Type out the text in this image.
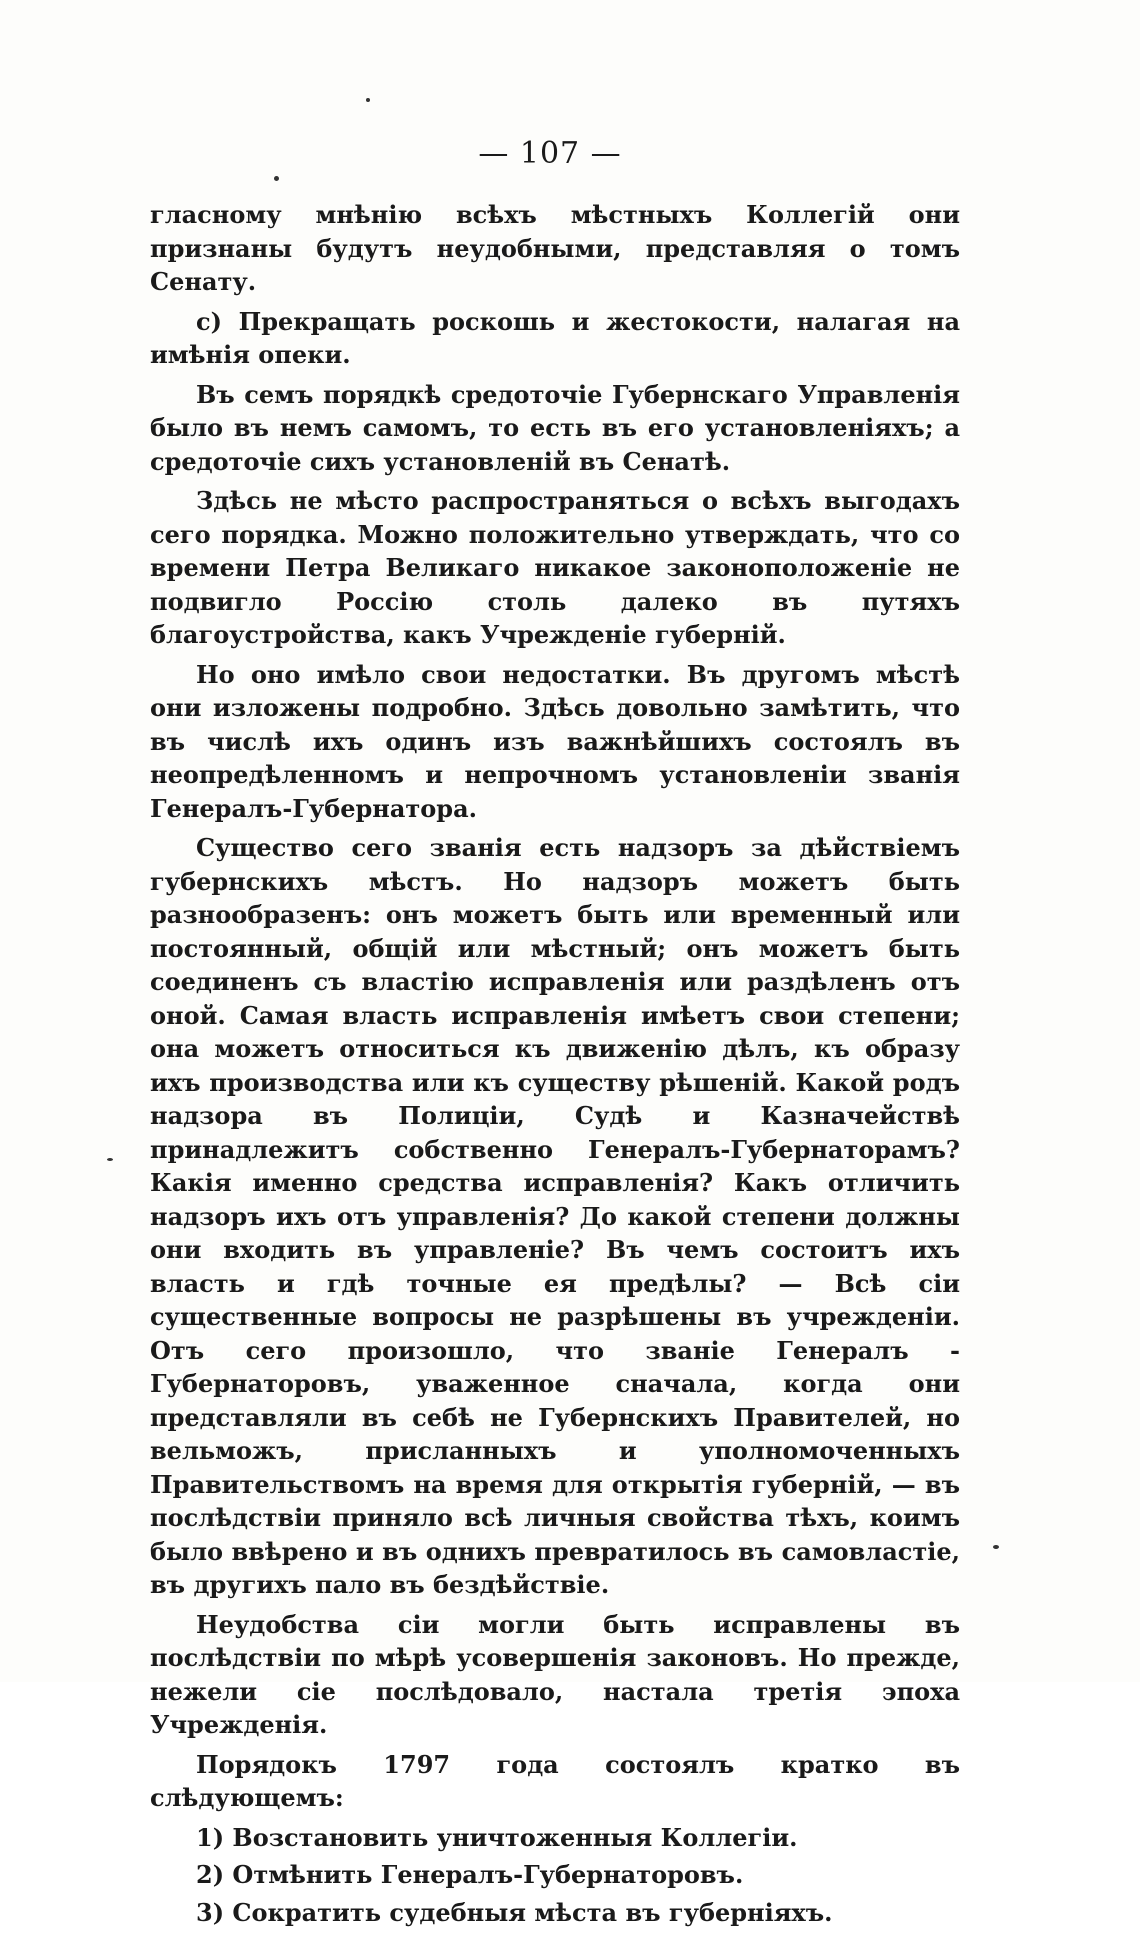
— 107 —

гласному мнѣнію всѣхъ мѣстныхъ Коллегій они признаны будутъ неудобными, представляя о томъ Сенату.

с) Прекращать роскошь и жестокости, налагая на имѣнія опеки.

Въ семъ порядкѣ средоточіе Губернскаго Управленія было въ немъ самомъ, то есть въ его установленіяхъ; а средоточіе сихъ установленій въ Сенатѣ.

Здѣсь не мѣсто распространяться о всѣхъ выгодахъ сего порядка. Можно положительно утверждать, что со времени Петра Великаго никакое законоположеніе не подвигло Россію столь далеко въ путяхъ благоустройства, какъ Учрежденіе губерній.

Но оно имѣло свои недостатки. Въ другомъ мѣстѣ они изложены подробно. Здѣсь довольно замѣтить, что въ числѣ ихъ одинъ изъ важнѣйшихъ состоялъ въ неопредѣленномъ и непрочномъ установленіи званія Генералъ-Губернатора.

Существо сего званія есть надзоръ за дѣйствіемъ губернскихъ мѣстъ. Но надзоръ можетъ быть разнообразенъ: онъ можетъ быть или временный или постоянный, общій или мѣстный; онъ можетъ быть соединенъ съ властію исправленія или раздѣленъ отъ оной. Самая власть исправленія имѣетъ свои степени; она можетъ относиться къ движенію дѣлъ, къ образу ихъ производства или къ существу рѣшеній. Какой родъ надзора въ Полиціи, Судѣ и Казначействѣ принадлежитъ собственно Генералъ-Губернаторамъ? Какія именно средства исправленія? Какъ отличить надзоръ ихъ отъ управленія? До какой степени должны они входить въ управленіе? Въ чемъ состоитъ ихъ власть и гдѣ точные ея предѣлы? — Всѣ сіи существенные вопросы не разрѣшены въ учрежденіи. Отъ сего произошло, что званіе Генералъ - Губернаторовъ, уваженное сначала, когда они представляли въ себѣ не Губернскихъ Правителей, но вельможъ, присланныхъ и уполномоченныхъ Правительствомъ на время для открытія губерній, — въ послѣдствіи приняло всѣ личныя свойства тѣхъ, коимъ было ввѣрено и въ однихъ превратилось въ самовластіе, въ другихъ пало въ бездѣйствіе.

Неудобства сіи могли быть исправлены въ послѣдствіи по мѣрѣ усовершенія законовъ. Но прежде, нежели сіе послѣдовало, настала третія эпоха Учрежденія.

Порядокъ 1797 года состоялъ кратко въ слѣдующемъ:

1) Возстановить уничтоженныя Коллегіи.
2) Отмѣнить Генералъ-Губернаторовъ.
3) Сократить судебныя мѣста въ губерніяхъ.
